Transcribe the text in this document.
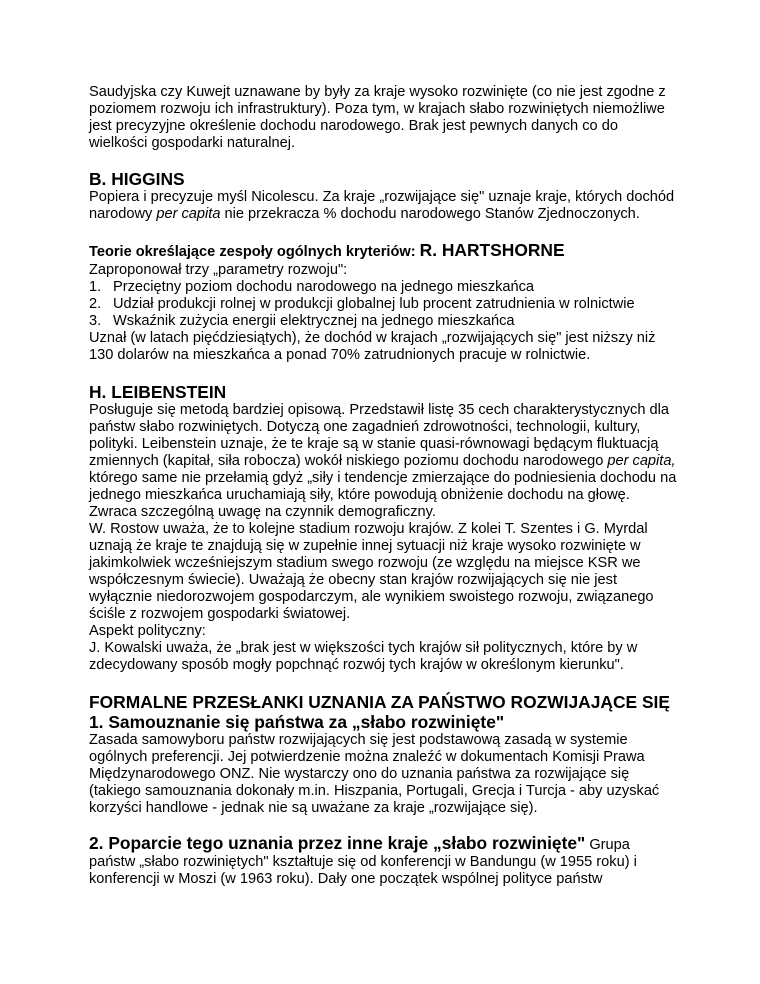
Saudyjska czy Kuwejt uznawane by były za kraje wysoko rozwinięte (co nie jest zgodne z poziomem rozwoju ich infrastruktury). Poza tym, w krajach słabo rozwiniętych niemożliwe jest precyzyjne określenie dochodu narodowego. Brak jest pewnych danych co do wielkości gospodarki naturalnej.

B. HIGGINS

Popiera i precyzuje myśl Nicolescu. Za kraje „rozwijające się" uznaje kraje, których dochód narodowy per capita nie przekracza % dochodu narodowego Stanów Zjednoczonych.

Teorie określające zespoły ogólnych kryteriów: R. HARTSHORNE

Zaproponował trzy „parametry rozwoju":

1. Przeciętny poziom dochodu narodowego na jednego mieszkańca
2. Udział produkcji rolnej w produkcji globalnej lub procent zatrudnienia w rolnictwie
3. Wskaźnik zużycia energii elektrycznej na jednego mieszkańca

Uznał (w latach pięćdziesiątych), że dochód w krajach „rozwijających się" jest niższy niż 130 dolarów na mieszkańca a ponad 70% zatrudnionych pracuje w rolnictwie.

H. LEIBENSTEIN

Posługuje się metodą bardziej opisową. Przedstawił listę 35 cech charakterystycznych dla państw słabo rozwiniętych. Dotyczą one zagadnień zdrowotności, technologii, kultury, polityki. Leibenstein uznaje, że te kraje są w stanie quasi-równowagi będącym fluktuacją zmiennych (kapitał, siła robocza) wokół niskiego poziomu dochodu narodowego per capita, którego same nie przełamią gdyż „siły i tendencje zmierzające do podniesienia dochodu na jednego mieszkańca uruchamiają siły, które powodują obniżenie dochodu na głowę. Zwraca szczególną uwagę na czynnik demograficzny.

W. Rostow uważa, że to kolejne stadium rozwoju krajów. Z kolei T. Szentes i G. Myrdal uznają że kraje te znajdują się w zupełnie innej sytuacji niż kraje wysoko rozwinięte w jakimkolwiek wcześniejszym stadium swego rozwoju (ze względu na miejsce KSR we współczesnym świecie). Uważają że obecny stan krajów rozwijających się nie jest wyłącznie niedorozwojem gospodarczym, ale wynikiem swoistego rozwoju, związanego ściśle z rozwojem gospodarki światowej.

Aspekt polityczny:

J. Kowalski uważa, że „brak jest w większości tych krajów sił politycznych, które by w zdecydowany sposób mogły popchnąć rozwój tych krajów w określonym kierunku".

FORMALNE PRZESŁANKI UZNANIA ZA PAŃSTWO ROZWIJAJĄCE SIĘ
1. Samouznanie się państwa za „słabo rozwinięte"

Zasada samowyboru państw rozwijających się jest podstawową zasadą w systemie ogólnych preferencji. Jej potwierdzenie można znaleźć w dokumentach Komisji Prawa Międzynarodowego ONZ. Nie wystarczy ono do uznania państwa za rozwijające się (takiego samouznania dokonały m.in. Hiszpania, Portugali, Grecja i Turcja - aby uzyskać korzyści handlowe - jednak nie są uważane za kraje „rozwijające się).

2. Poparcie tego uznania przez inne kraje „słabo rozwinięte" Grupa państw „słabo rozwiniętych" kształtuje się od konferencji w Bandungu (w 1955 roku) i konferencji w Moszi (w 1963 roku). Dały one początek wspólnej polityce państw
